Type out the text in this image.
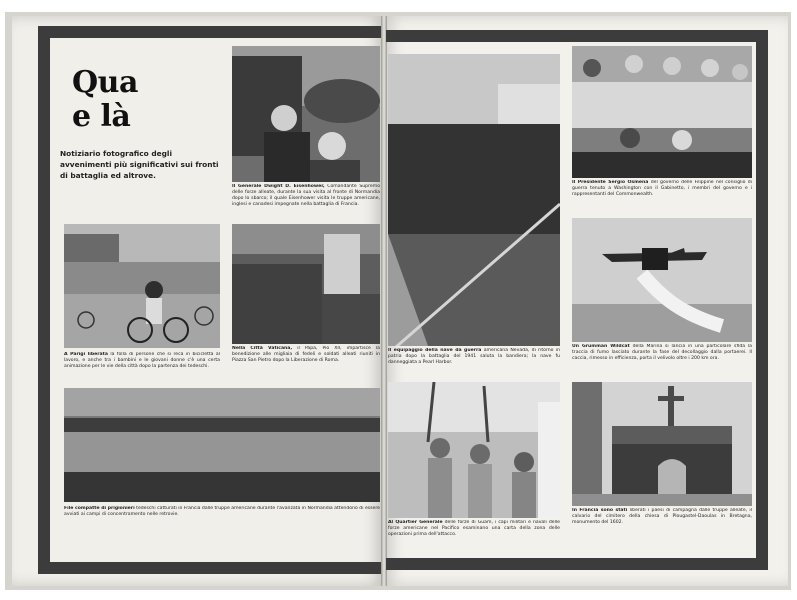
Qua
e là
Notiziario fotografico degli avvenimenti più significativi sui fronti di battaglia ed altrove.
Il Generale Dwight D. Eisenhower, Comandante Supremo delle forze alleate, durante la sua visita al fronte di Normandia dopo lo sbarco; il quale Eisenhower visita le truppe americane, inglesi e canadesi impegnate nella battaglia di Francia.
A Parigi liberata la folla di persone che si reca in bicicletta al lavoro, e anche tra i bambini e le giovani donne c'è una certa animazione per le vie della città dopo la partenza dei tedeschi.
Nella Città Vaticana, il Papa, Pio XII, impartisce la benedizione alle migliaia di fedeli e soldati alleati riuniti in Piazza San Pietro dopo la Liberazione di Roma.
File compatte di prigionieri tedeschi catturati in Francia dalle truppe americane durante l'avanzata in Normandia attendono di essere avviati ai campi di concentramento nelle retrovie.
Il equipaggio della nave da guerra americana Nevada, di ritorno in patria dopo la battaglia del 1941 saluta la bandiera; la nave fu danneggiata a Pearl Harbor.
Al Quartier Generale delle forze di Guam, i capi militari e navali delle forze americane nel Pacifico esaminano una carta della zona delle operazioni prima dell'attacco.
Il Presidente Sergio Osmena del governo delle Filippine nel consiglio di guerra tenuto a Washington con il Gabinetto, i membri del governo e i rappresentanti del Commonwealth.
Un Grumman Wildcat della Marina si lancia in una particolare sfida la traccia di fumo lasciato durante la fase del decollaggio dalla portaerei. Il caccia, rimesso in efficienza, porta il velivolo oltre i 200 km ora.
In Francia sono stati liberati i paesi di campagna dalle truppe alleate, il calvario del cimitero della chiesa di Plougastel-Daoulas in Bretagna, monumento del 1602.
